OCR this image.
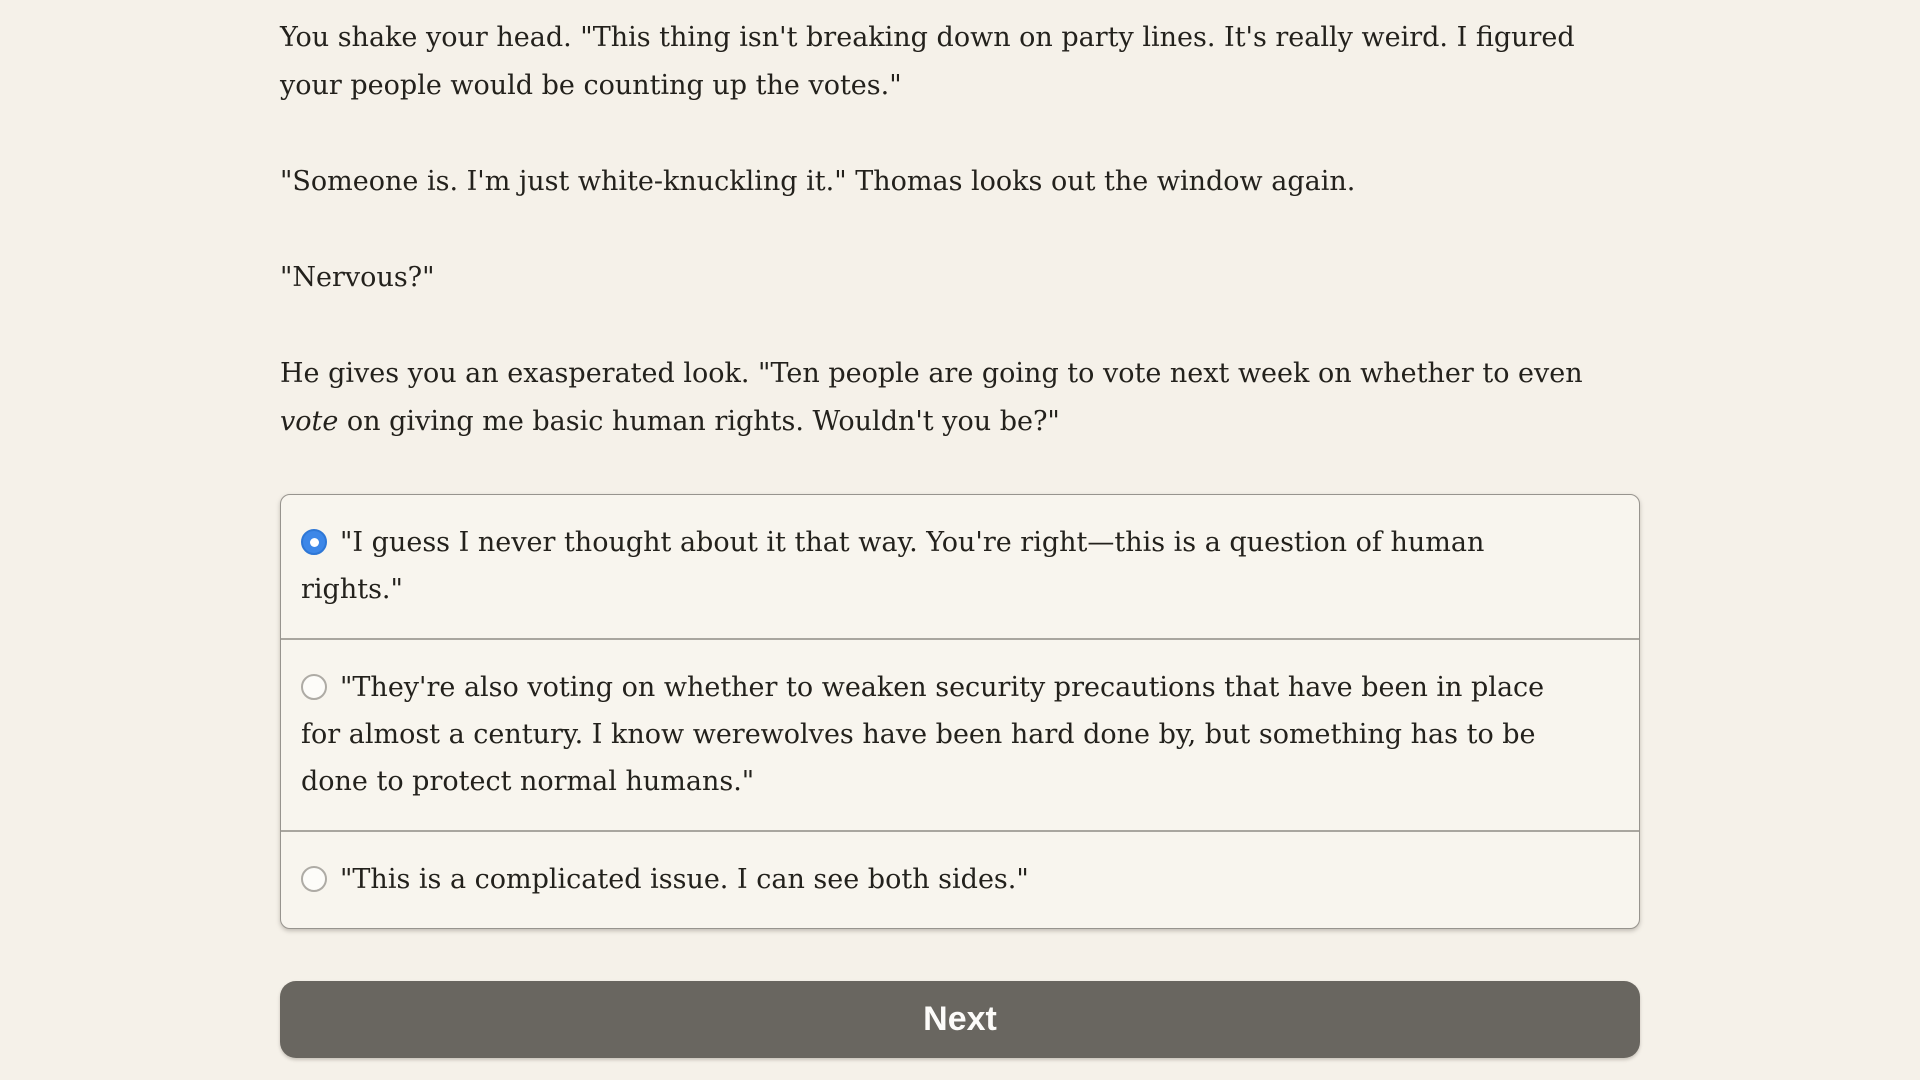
You shake your head. "This thing isn't breaking down on party lines. It's really weird. I figured your people would be counting up the votes."

"Someone is. I'm just white-knuckling it." Thomas looks out the window again.

"Nervous?"

He gives you an exasperated look. "Ten people are going to vote next week on whether to even vote on giving me basic human rights. Wouldn't you be?"

"I guess I never thought about it that way. You're right—this is a question of human rights."
"They're also voting on whether to weaken security precautions that have been in place for almost a century. I know werewolves have been hard done by, but something has to be done to protect normal humans."
"This is a complicated issue. I can see both sides."
Next
